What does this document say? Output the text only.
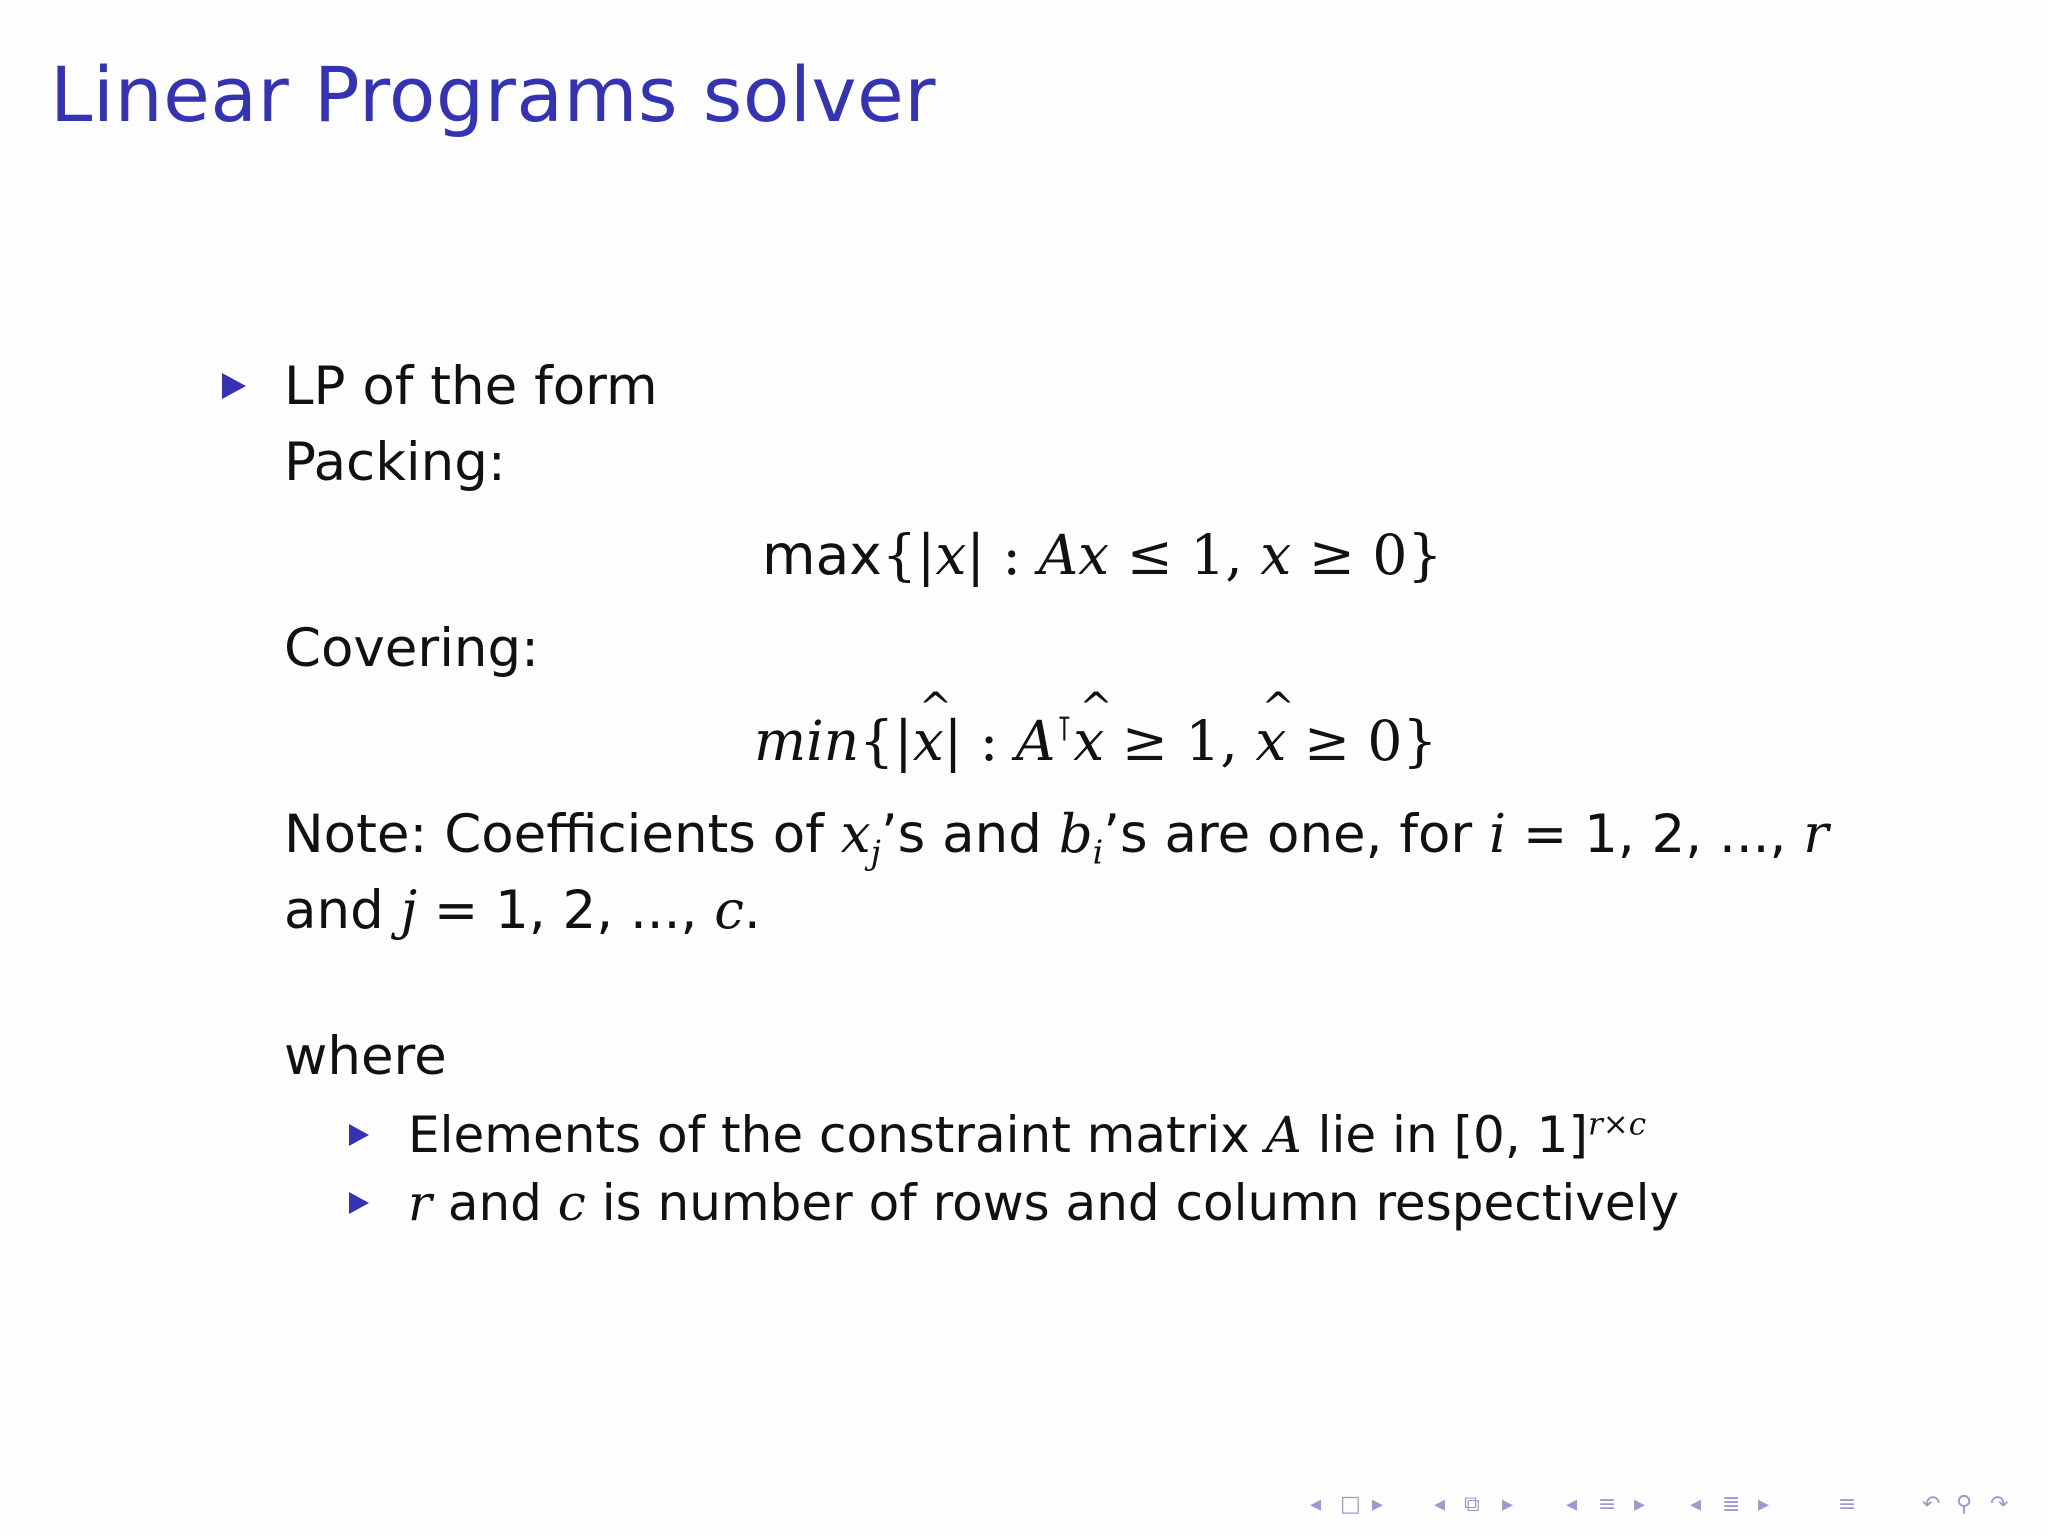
Linear Programs solver
LP of the form
Packing:
max{|x| : Ax ≤ 1, x ≥ 0}
Covering:
min{|^ x| : A⊺^ x ≥ 1, ^ x ≥ 0}
Note: Coefficients of $x_j’s$ and $b_i’s$ are one, for i = 1, 2, ..., r
and j = 1, 2, ..., c.
where
Elements of the constraint matrix A lie in [0, 1]$^{r\times c}$
r and c is number of rows and column respectively
◂ □ ▸ ◂ ⧉ ▸ ◂ ≡ ▸ ◂ ≣ ▸	≡	↶ ⚲ ↷
